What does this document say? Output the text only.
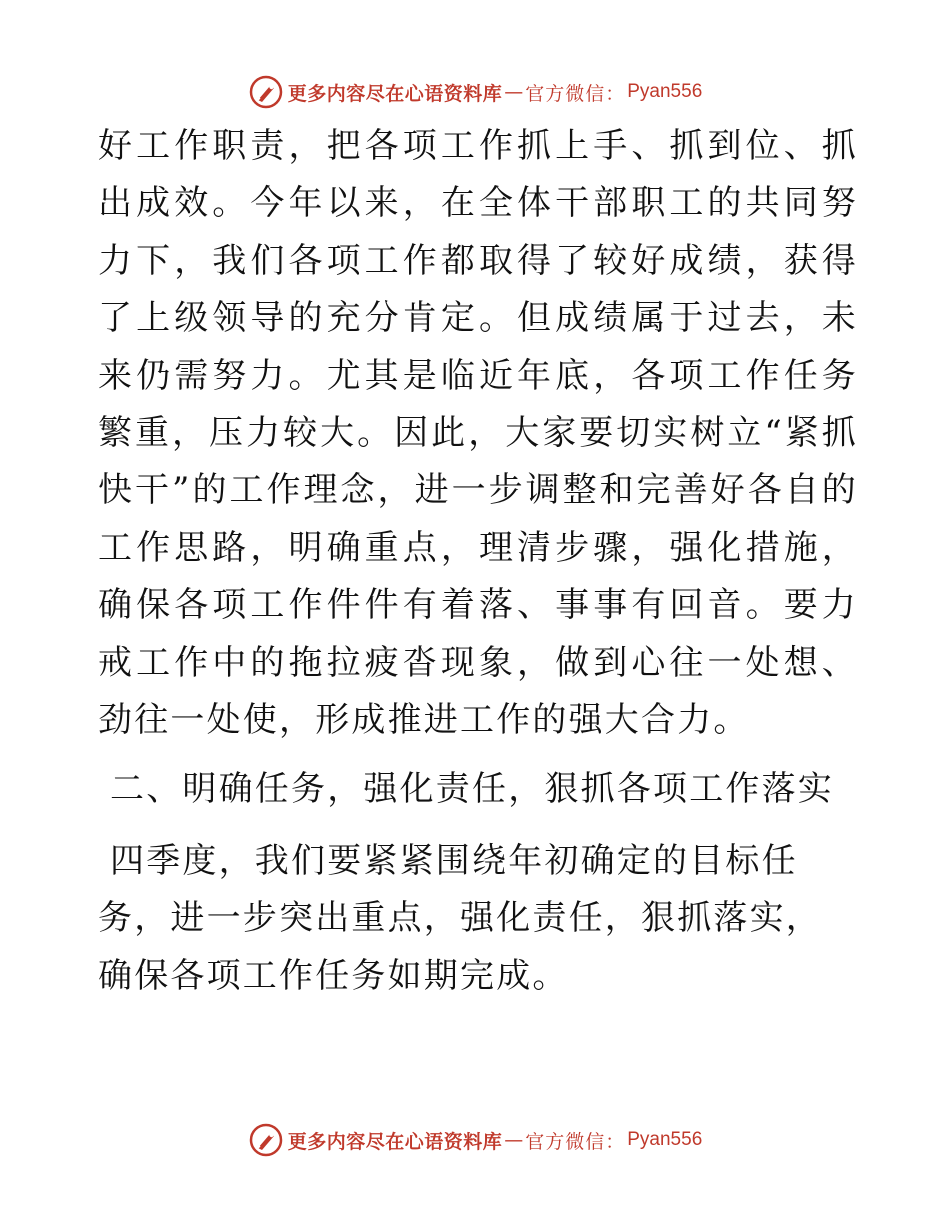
更多内容尽在心语资料库 — 官方微信： Pyan556

好工作职责，把各项工作抓上手、抓到位、抓出成效。今年以来，在全体干部职工的共同努力下，我们各项工作都取得了较好成绩，获得了上级领导的充分肯定。但成绩属于过去，未来仍需努力。尤其是临近年底，各项工作任务繁重，压力较大。因此，大家要切实树立“紧抓快干”的工作理念，进一步调整和完善好各自的工作思路，明确重点，理清步骤，强化措施，确保各项工作件件有着落、事事有回音。要力戒工作中的拖拉疲沓现象，做到心往一处想、劲往一处使，形成推进工作的强大合力。

二、明确任务，强化责任，狠抓各项工作落实

四季度，我们要紧紧围绕年初确定的目标任务，进一步突出重点，强化责任，狠抓落实，确保各项工作任务如期完成。

更多内容尽在心语资料库 — 官方微信： Pyan556
